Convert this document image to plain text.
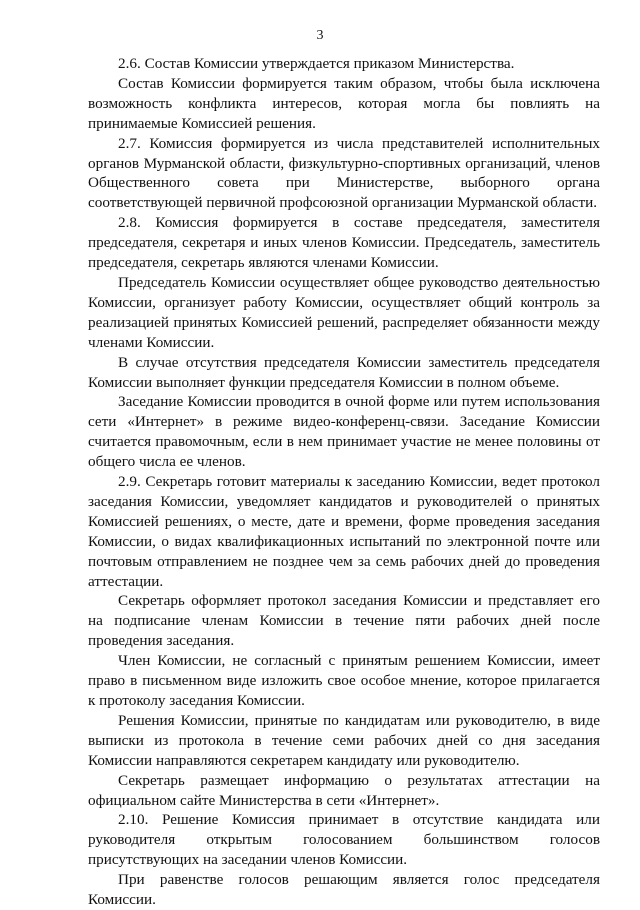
3

2.6. Состав Комиссии утверждается приказом Министерства.

Состав Комиссии формируется таким образом, чтобы была исключена возможность конфликта интересов, которая могла бы повлиять на принимаемые Комиссией решения.

2.7. Комиссия формируется из числа представителей исполнительных органов Мурманской области, физкультурно-спортивных организаций, членов Общественного совета при Министерстве, выборного органа соответствующей первичной профсоюзной организации Мурманской области.

2.8. Комиссия формируется в составе председателя, заместителя председателя, секретаря и иных членов Комиссии. Председатель, заместитель председателя, секретарь являются членами Комиссии.

Председатель Комиссии осуществляет общее руководство деятельностью Комиссии, организует работу Комиссии, осуществляет общий контроль за реализацией принятых Комиссией решений, распределяет обязанности между членами Комиссии.

В случае отсутствия председателя Комиссии заместитель председателя Комиссии выполняет функции председателя Комиссии в полном объеме.

Заседание Комиссии проводится в очной форме или путем использования сети «Интернет» в режиме видео-конференц-связи. Заседание Комиссии считается правомочным, если в нем принимает участие не менее половины от общего числа ее членов.

2.9. Секретарь готовит материалы к заседанию Комиссии, ведет протокол заседания Комиссии, уведомляет кандидатов и руководителей о принятых Комиссией решениях, о месте, дате и времени, форме проведения заседания Комиссии, о видах квалификационных испытаний по электронной почте или почтовым отправлением не позднее чем за семь рабочих дней до проведения аттестации.

Секретарь оформляет протокол заседания Комиссии и представляет его на подписание членам Комиссии в течение пяти рабочих дней после проведения заседания.

Член Комиссии, не согласный с принятым решением Комиссии, имеет право в письменном виде изложить свое особое мнение, которое прилагается к протоколу заседания Комиссии.

Решения Комиссии, принятые по кандидатам или руководителю, в виде выписки из протокола в течение семи рабочих дней со дня заседания Комиссии направляются секретарем кандидату или руководителю.

Секретарь размещает информацию о результатах аттестации на официальном сайте Министерства в сети «Интернет».

2.10. Решение Комиссия принимает в отсутствие кандидата или руководителя открытым голосованием большинством голосов присутствующих на заседании членов Комиссии.

При равенстве голосов решающим является голос председателя Комиссии.
